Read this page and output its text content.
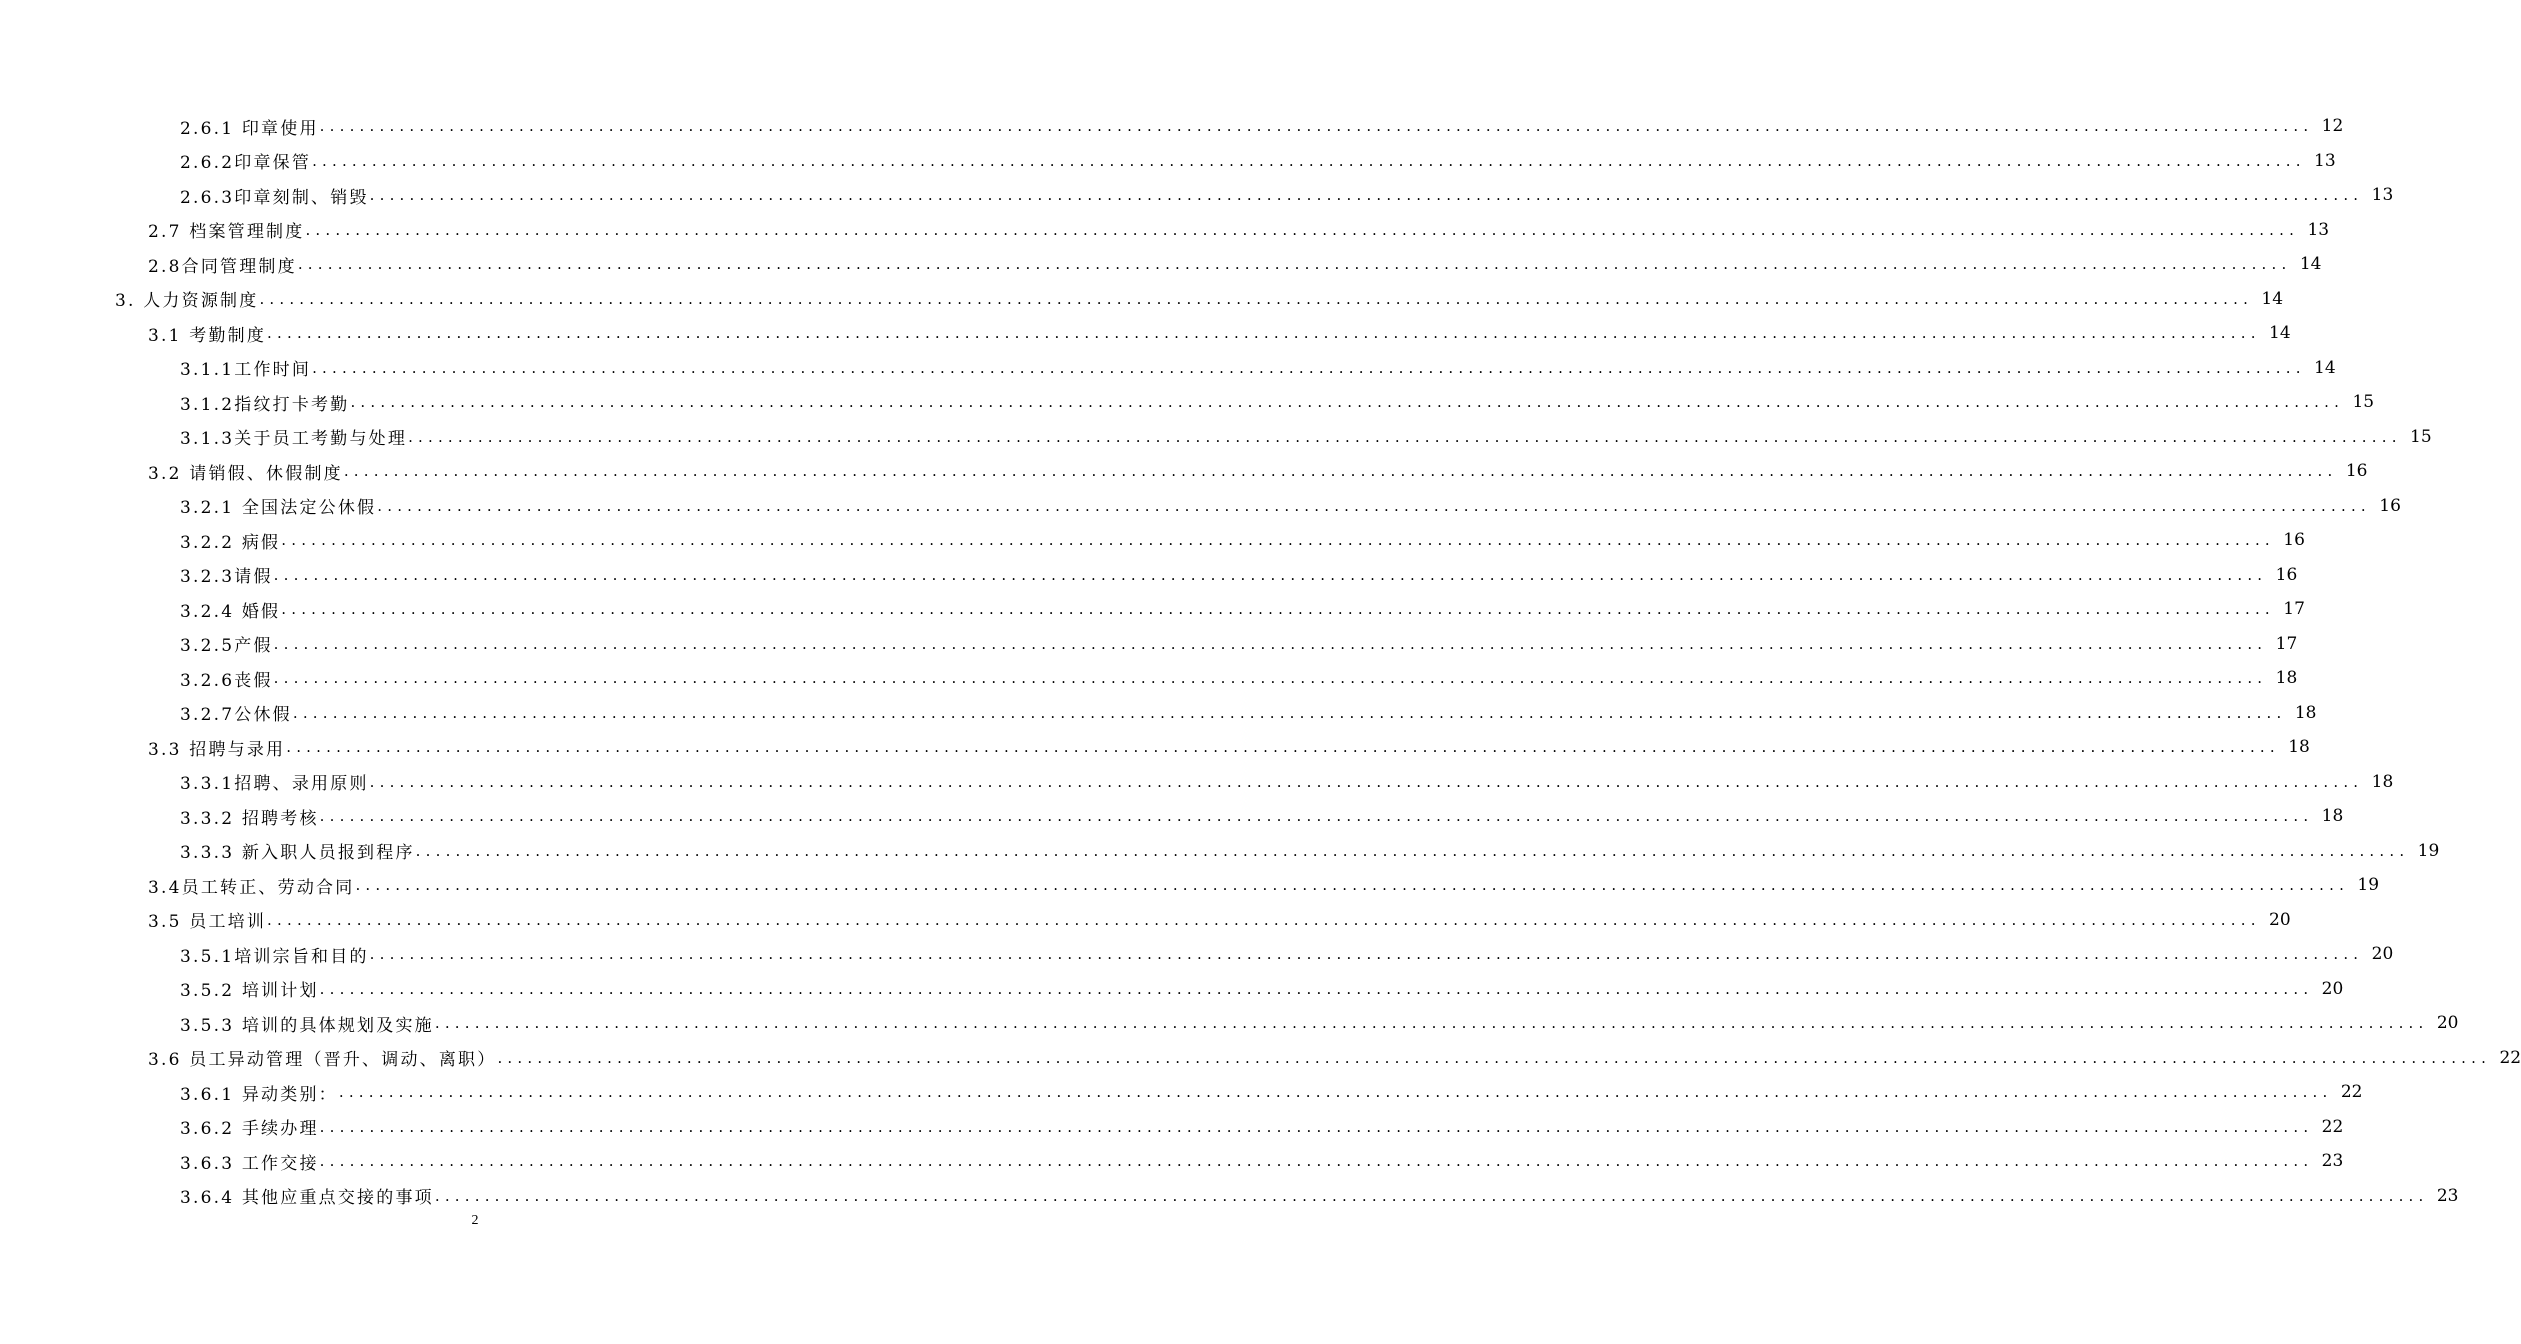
2.6.1 印章使用 ........................................................................................................................................................................................................ 12
2.6.2印章保管 ........................................................................................................................................................................................................ 13
2.6.3印章刻制、销毁 ........................................................................................................................................................................................................ 13
2.7 档案管理制度 ........................................................................................................................................................................................................ 13
2.8合同管理制度 ........................................................................................................................................................................................................ 14
3. 人力资源制度 ........................................................................................................................................................................................................ 14
3.1 考勤制度 ........................................................................................................................................................................................................ 14
3.1.1工作时间 ........................................................................................................................................................................................................ 14
3.1.2指纹打卡考勤 ........................................................................................................................................................................................................ 15
3.1.3关于员工考勤与处理 ........................................................................................................................................................................................................ 15
3.2 请销假、休假制度 ........................................................................................................................................................................................................ 16
3.2.1 全国法定公休假 ........................................................................................................................................................................................................ 16
3.2.2 病假 ........................................................................................................................................................................................................ 16
3.2.3请假 ........................................................................................................................................................................................................ 16
3.2.4 婚假 ........................................................................................................................................................................................................ 17
3.2.5产假 ........................................................................................................................................................................................................ 17
3.2.6丧假 ........................................................................................................................................................................................................ 18
3.2.7公休假 ........................................................................................................................................................................................................ 18
3.3 招聘与录用 ........................................................................................................................................................................................................ 18
3.3.1招聘、录用原则 ........................................................................................................................................................................................................ 18
3.3.2 招聘考核 ........................................................................................................................................................................................................ 18
3.3.3 新入职人员报到程序 ........................................................................................................................................................................................................ 19
3.4员工转正、劳动合同 ........................................................................................................................................................................................................ 19
3.5 员工培训 ........................................................................................................................................................................................................ 20
3.5.1培训宗旨和目的 ........................................................................................................................................................................................................ 20
3.5.2 培训计划 ........................................................................................................................................................................................................ 20
3.5.3 培训的具体规划及实施 ........................................................................................................................................................................................................ 20
3.6 员工异动管理（晋升、调动、离职） ........................................................................................................................................................................................................ 22
3.6.1 异动类别： ........................................................................................................................................................................................................ 22
3.6.2 手续办理 ........................................................................................................................................................................................................ 22
3.6.3 工作交接 ........................................................................................................................................................................................................ 23
3.6.4 其他应重点交接的事项 ........................................................................................................................................................................................................ 23
2
